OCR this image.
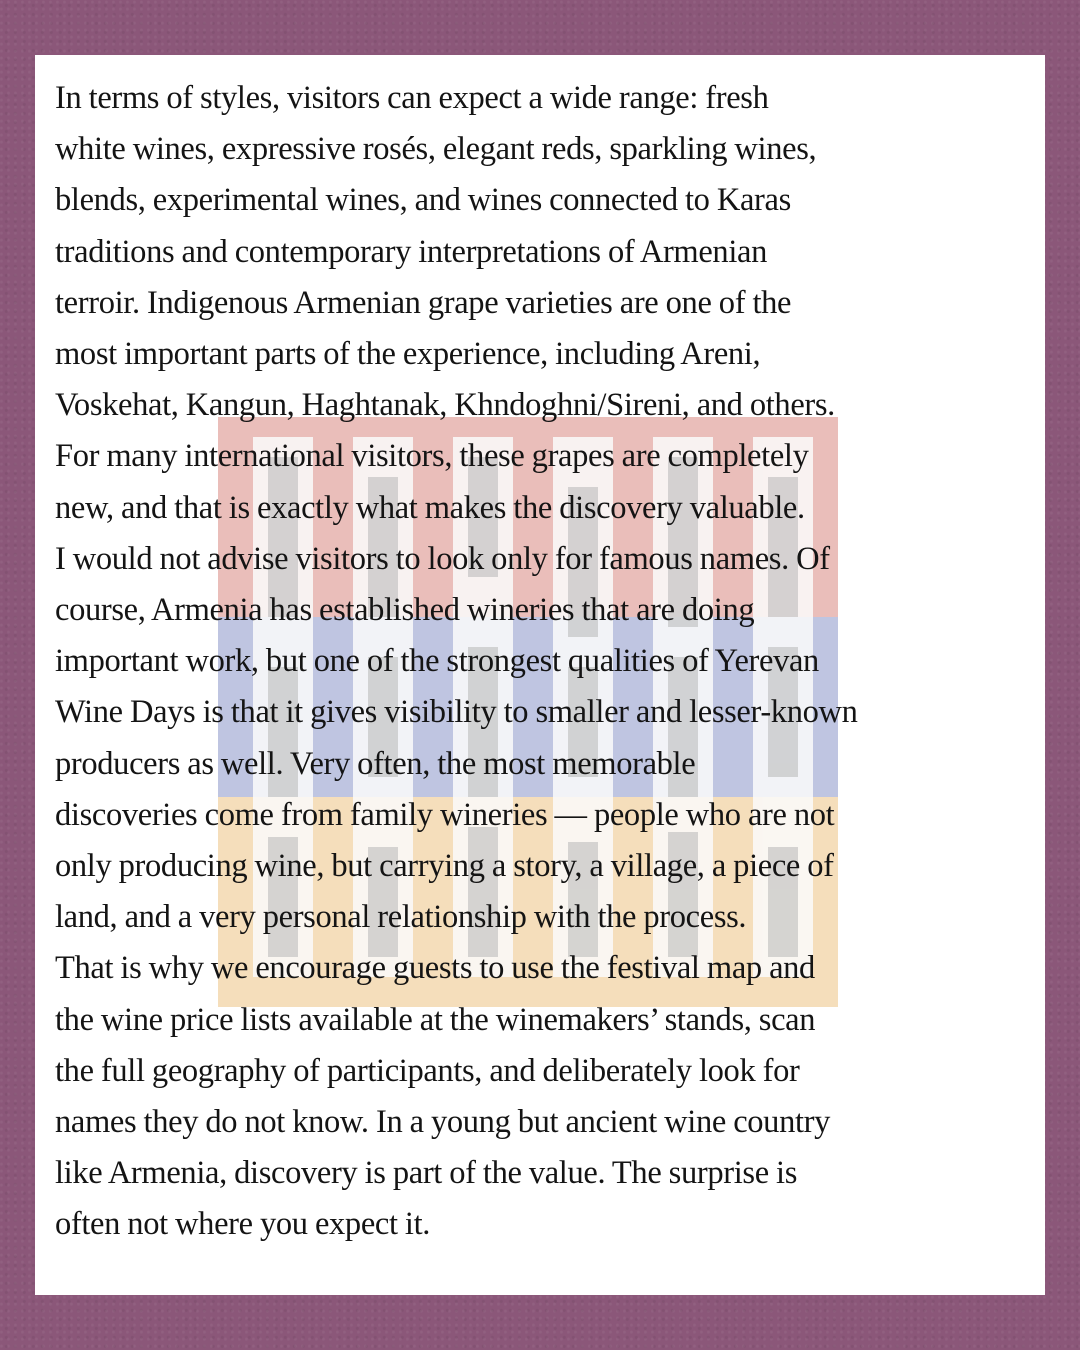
In terms of styles, visitors can expect a wide range: fresh
white wines, expressive rosés, elegant reds, sparkling wines,
blends, experimental wines, and wines connected to Karas
traditions and contemporary interpretations of Armenian
terroir. Indigenous Armenian grape varieties are one of the
most important parts of the experience, including Areni,
Voskehat, Kangun, Haghtanak, Khndoghni/Sireni, and others.
For many international visitors, these grapes are completely
new, and that is exactly what makes the discovery valuable.
I would not advise visitors to look only for famous names. Of
course, Armenia has established wineries that are doing
important work, but one of the strongest qualities of Yerevan
Wine Days is that it gives visibility to smaller and lesser-known
producers as well. Very often, the most memorable
discoveries come from family wineries — people who are not
only producing wine, but carrying a story, a village, a piece of
land, and a very personal relationship with the process.
That is why we encourage guests to use the festival map and
the wine price lists available at the winemakers’ stands, scan
the full geography of participants, and deliberately look for
names they do not know. In a young but ancient wine country
like Armenia, discovery is part of the value. The surprise is
often not where you expect it.
